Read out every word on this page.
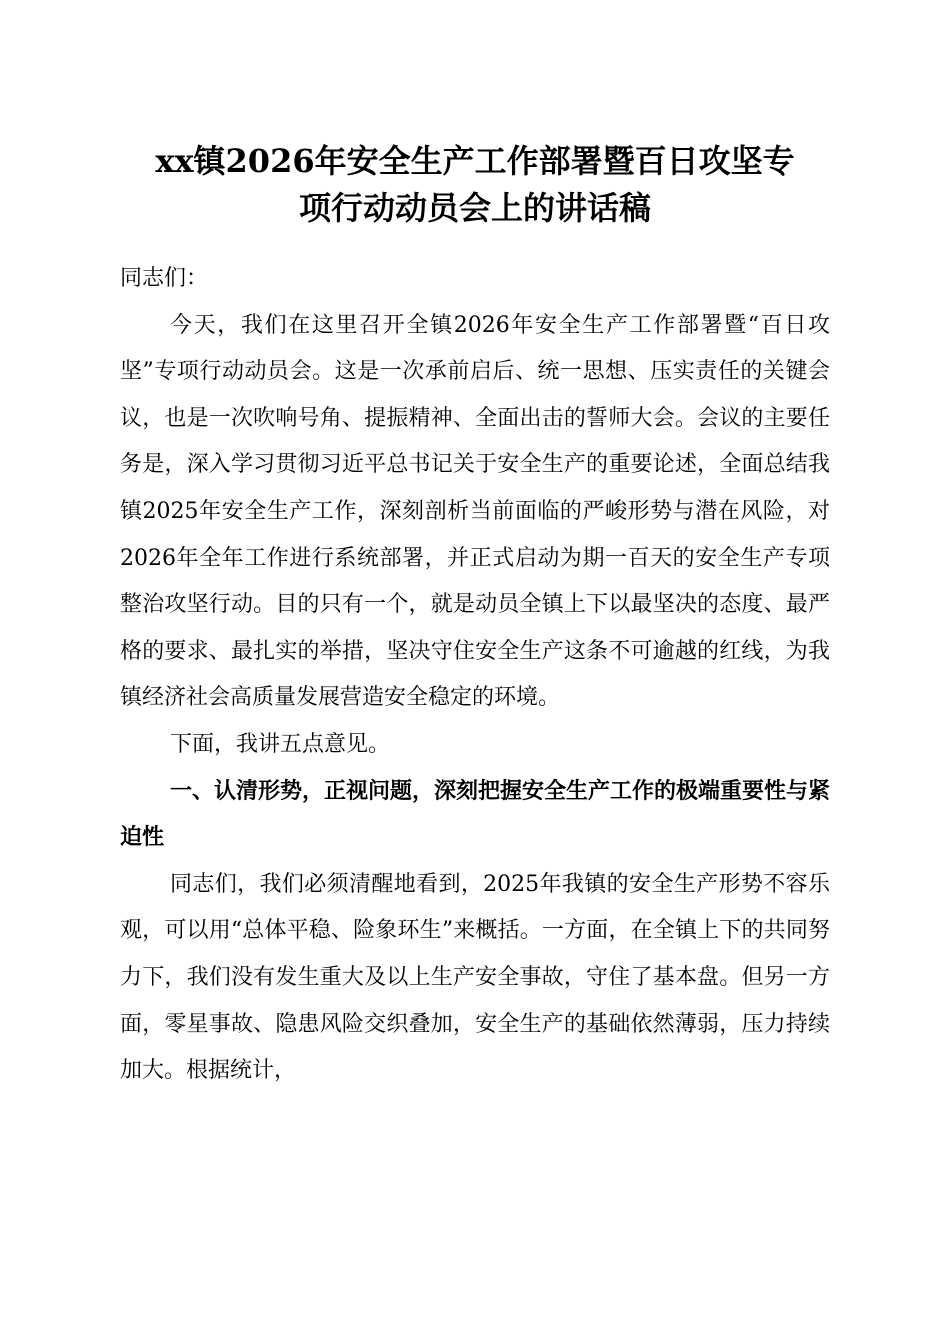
xx镇2026年安全生产工作部署暨百日攻坚专
项行动动员会上的讲话稿

同志们：

今天，我们在这里召开全镇2026年安全生产工作部署暨“百日攻坚”专项行动动员会。这是一次承前启后、统一思想、压实责任的关键会议，也是一次吹响号角、提振精神、全面出击的誓师大会。会议的主要任务是，深入学习贯彻习近平总书记关于安全生产的重要论述，全面总结我镇2025年安全生产工作，深刻剖析当前面临的严峻形势与潜在风险，对2026年全年工作进行系统部署，并正式启动为期一百天的安全生产专项整治攻坚行动。目的只有一个，就是动员全镇上下以最坚决的态度、最严格的要求、最扎实的举措，坚决守住安全生产这条不可逾越的红线，为我镇经济社会高质量发展营造安全稳定的环境。

下面，我讲五点意见。

一、认清形势，正视问题，深刻把握安全生产工作的极端重要性与紧迫性

同志们，我们必须清醒地看到，2025年我镇的安全生产形势不容乐观，可以用“总体平稳、险象环生”来概括。一方面，在全镇上下的共同努力下，我们没有发生重大及以上生产安全事故，守住了基本盘。但另一方面，零星事故、隐患风险交织叠加，安全生产的基础依然薄弱，压力持续加大。根据统计，
